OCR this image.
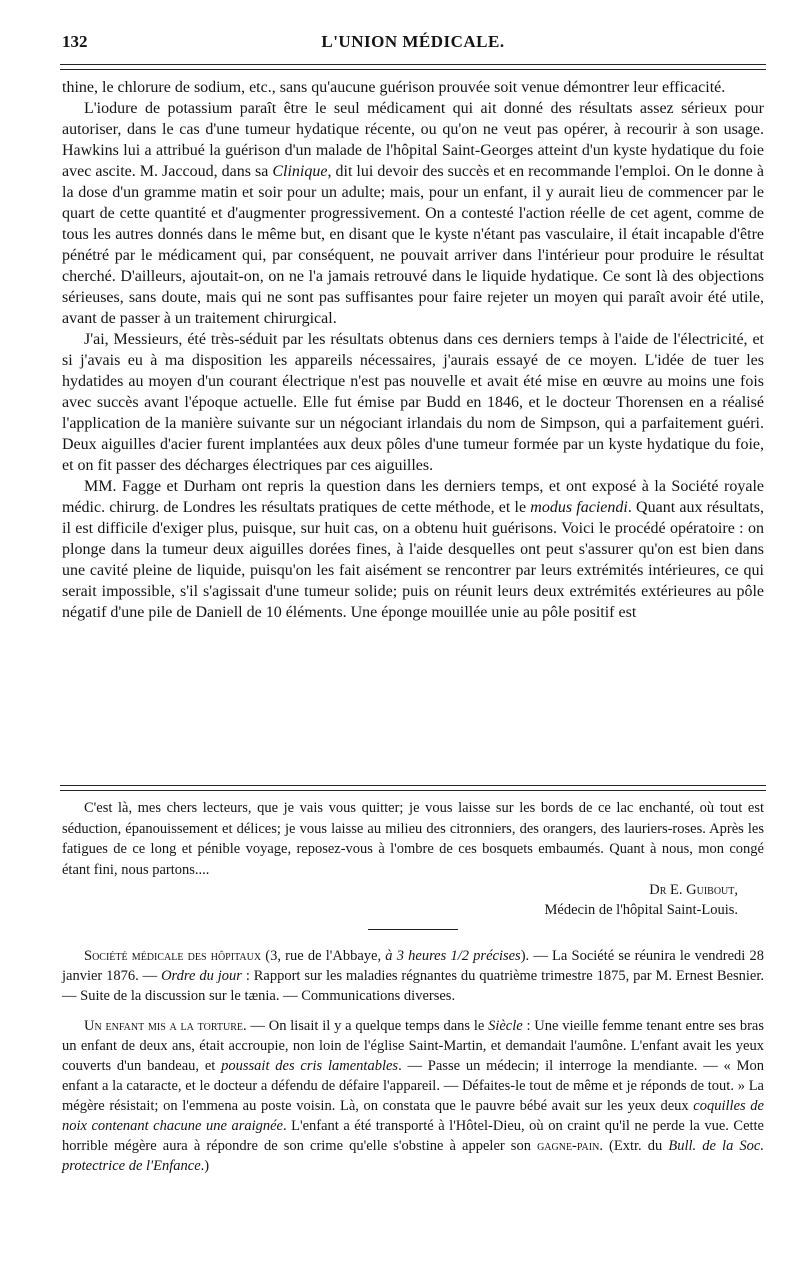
132	L'UNION MÉDICALE.

thine, le chlorure de sodium, etc., sans qu'aucune guérison prouvée soit venue démontrer leur efficacité.

L'iodure de potassium paraît être le seul médicament qui ait donné des résultats assez sérieux pour autoriser, dans le cas d'une tumeur hydatique récente, ou qu'on ne veut pas opérer, à recourir à son usage. Hawkins lui a attribué la guérison d'un malade de l'hôpital Saint-Georges atteint d'un kyste hydatique du foie avec ascite. M. Jaccoud, dans sa Clinique, dit lui devoir des succès et en recommande l'emploi. On le donne à la dose d'un gramme matin et soir pour un adulte; mais, pour un enfant, il y aurait lieu de commencer par le quart de cette quantité et d'augmenter progressivement. On a contesté l'action réelle de cet agent, comme de tous les autres donnés dans le même but, en disant que le kyste n'étant pas vasculaire, il était incapable d'être pénétré par le médicament qui, par conséquent, ne pouvait arriver dans l'intérieur pour produire le résultat cherché. D'ailleurs, ajoutait-on, on ne l'a jamais retrouvé dans le liquide hydatique. Ce sont là des objections sérieuses, sans doute, mais qui ne sont pas suffisantes pour faire rejeter un moyen qui paraît avoir été utile, avant de passer à un traitement chirurgical.

J'ai, Messieurs, été très-séduit par les résultats obtenus dans ces derniers temps à l'aide de l'électricité, et si j'avais eu à ma disposition les appareils nécessaires, j'aurais essayé de ce moyen. L'idée de tuer les hydatides au moyen d'un courant électrique n'est pas nouvelle et avait été mise en œuvre au moins une fois avec succès avant l'époque actuelle. Elle fut émise par Budd en 1846, et le docteur Thorensen en a réalisé l'application de la manière suivante sur un négociant irlandais du nom de Simpson, qui a parfaitement guéri. Deux aiguilles d'acier furent implantées aux deux pôles d'une tumeur formée par un kyste hydatique du foie, et on fit passer des décharges électriques par ces aiguilles.

MM. Fagge et Durham ont repris la question dans les derniers temps, et ont exposé à la Société royale médic. chirurg. de Londres les résultats pratiques de cette méthode, et le modus faciendi. Quant aux résultats, il est difficile d'exiger plus, puisque, sur huit cas, on a obtenu huit guérisons. Voici le procédé opératoire : on plonge dans la tumeur deux aiguilles dorées fines, à l'aide desquelles ont peut s'assurer qu'on est bien dans une cavité pleine de liquide, puisqu'on les fait aisément se rencontrer par leurs extrémités intérieures, ce qui serait impossible, s'il s'agissait d'une tumeur solide; puis on réunit leurs deux extrémités extérieures au pôle négatif d'une pile de Daniell de 10 éléments. Une éponge mouillée unie au pôle positif est

C'est là, mes chers lecteurs, que je vais vous quitter; je vous laisse sur les bords de ce lac enchanté, où tout est séduction, épanouissement et délices; je vous laisse au milieu des citronniers, des orangers, des lauriers-roses. Après les fatigues de ce long et pénible voyage, reposez-vous à l'ombre de ces bosquets embaumés. Quant à nous, mon congé étant fini, nous partons....

Dr E. Guibout,
Médecin de l'hôpital Saint-Louis.

Société médicale des hôpitaux (3, rue de l'Abbaye, à 3 heures 1/2 précises). — La Société se réunira le vendredi 28 janvier 1876. — Ordre du jour : Rapport sur les maladies régnantes du quatrième trimestre 1875, par M. Ernest Besnier. — Suite de la discussion sur le tænia. — Communications diverses.

Un enfant mis a la torture. — On lisait il y a quelque temps dans le Siècle : Une vieille femme tenant entre ses bras un enfant de deux ans, était accroupie, non loin de l'église Saint-Martin, et demandait l'aumône. L'enfant avait les yeux couverts d'un bandeau, et poussait des cris lamentables. — Passe un médecin; il interroge la mendiante. — « Mon enfant a la cataracte, et le docteur a défendu de défaire l'appareil. — Défaites-le tout de même et je réponds de tout. » La mégère résistait; on l'emmena au poste voisin. Là, on constata que le pauvre bébé avait sur les yeux deux coquilles de noix contenant chacune une araignée. L'enfant a été transporté à l'Hôtel-Dieu, où on craint qu'il ne perde la vue. Cette horrible mégère aura à répondre de son crime qu'elle s'obstine à appeler son gagne-pain. (Extr. du Bull. de la Soc. protectrice de l'Enfance.)
